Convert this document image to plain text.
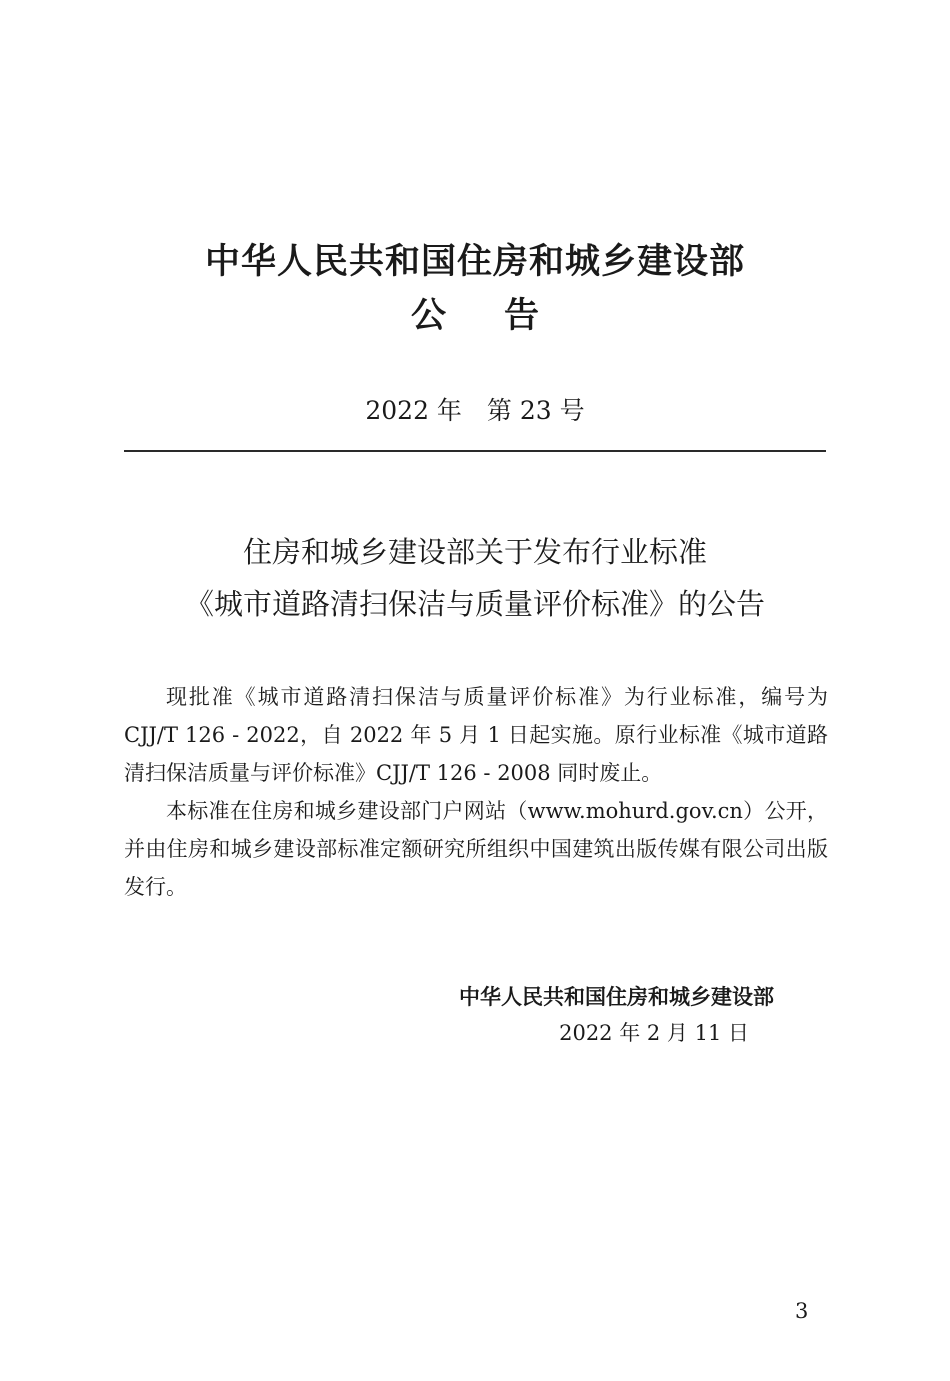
中华人民共和国住房和城乡建设部
公告
2022 年　第 23 号
住房和城乡建设部关于发布行业标准
《城市道路清扫保洁与质量评价标准》的公告

现批准《城市道路清扫保洁与质量评价标准》为行业标准，编号为 CJJ/T 126 - 2022，自 2022 年 5 月 1 日起实施。原行业标准《城市道路清扫保洁质量与评价标准》CJJ/T 126 - 2008 同时废止。

本标准在住房和城乡建设部门户网站（www.mohurd.gov.cn）公开，并由住房和城乡建设部标准定额研究所组织中国建筑出版传媒有限公司出版发行。

中华人民共和国住房和城乡建设部
2022 年 2 月 11 日
3
